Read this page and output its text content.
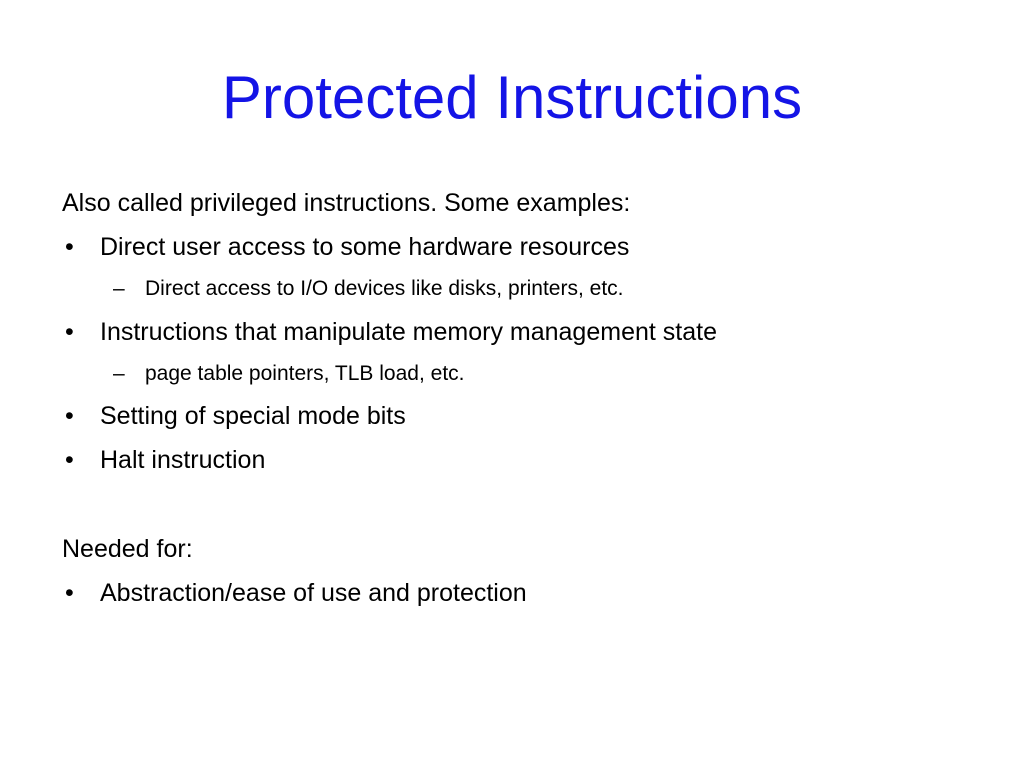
Protected Instructions

Also called privileged instructions. Some examples:

• Direct user access to some hardware resources
– Direct access to I/O devices like disks, printers, etc.
• Instructions that manipulate memory management state
– page table pointers, TLB load, etc.
• Setting of special mode bits
• Halt instruction

Needed for:

• Abstraction/ease of use and protection
